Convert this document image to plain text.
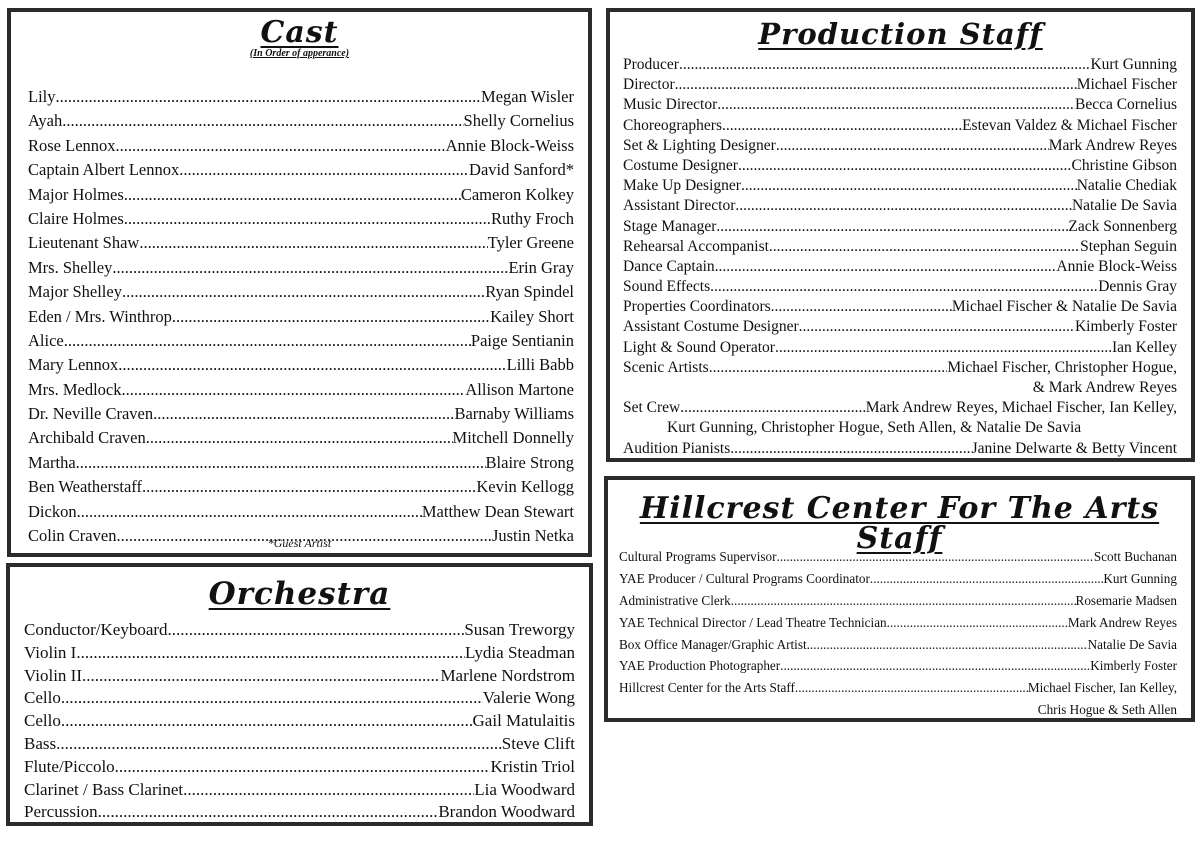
Cast
(In Order of apperance)
Lily .....	Megan Wisler
Ayah .....	Shelly Cornelius
Rose Lennox .....	Annie Block-Weiss
Captain Albert Lennox .....	David Sanford*
Major Holmes .....	Cameron Kolkey
Claire Holmes .....	Ruthy Froch
Lieutenant Shaw .....	Tyler Greene
Mrs. Shelley .....	Erin Gray
Major Shelley .....	Ryan Spindel
Eden / Mrs. Winthrop .....	Kailey Short
Alice .....	Paige Sentianin
Mary Lennox .....	Lilli Babb
Mrs. Medlock .....	Allison Martone
Dr. Neville Craven .....	Barnaby Williams
Archibald Craven .....	Mitchell Donnelly
Martha .....	Blaire Strong
Ben Weatherstaff .....	Kevin Kellogg
Dickon .....	Matthew Dean Stewart
Colin Craven .....	Justin Netka
*Guest Artist
Orchestra
Conductor/Keyboard .....	Susan Treworgy
Violin I .....	Lydia Steadman
Violin II .....	Marlene Nordstrom
Cello .....	Valerie Wong
Cello .....	Gail Matulaitis
Bass .....	Steve Clift
Flute/Piccolo .....	Kristin Triol
Clarinet / Bass Clarinet .....	Lia Woodward
Percussion .....	Brandon Woodward
Production Staff
Producer .....	Kurt Gunning
Director .....	Michael Fischer
Music Director .....	Becca Cornelius
Choreographers .....	Estevan Valdez & Michael Fischer
Set & Lighting Designer .....	Mark Andrew Reyes
Costume Designer .....	Christine Gibson
Make Up Designer .....	Natalie Chediak
Assistant Director .....	Natalie De Savia
Stage Manager .....	Zack Sonnenberg
Rehearsal Accompanist .....	Stephan Seguin
Dance Captain .....	Annie Block-Weiss
Sound Effects .....	Dennis Gray
Properties Coordinators .....	Michael Fischer & Natalie De Savia
Assistant Costume Designer .....	Kimberly Foster
Light & Sound Operator .....	Ian Kelley
Scenic Artists .....	Michael Fischer, Christopher Hogue,
& Mark Andrew Reyes
Set Crew .....	Mark Andrew Reyes, Michael Fischer, Ian Kelley,
Kurt Gunning, Christopher Hogue, Seth Allen, & Natalie De Savia
Audition Pianists .....	Janine Delwarte & Betty Vincent
Hillcrest Center For The Arts Staff
Cultural Programs Supervisor .....	Scott Buchanan
YAE Producer / Cultural Programs Coordinator .....	Kurt Gunning
Administrative Clerk .....	Rosemarie Madsen
YAE Technical Director / Lead Theatre Technician .....	Mark Andrew Reyes
Box Office Manager/Graphic Artist .....	Natalie De Savia
YAE Production Photographer .....	Kimberly Foster
Hillcrest Center for the Arts Staff .....	Michael Fischer, Ian Kelley,
Chris Hogue & Seth Allen
